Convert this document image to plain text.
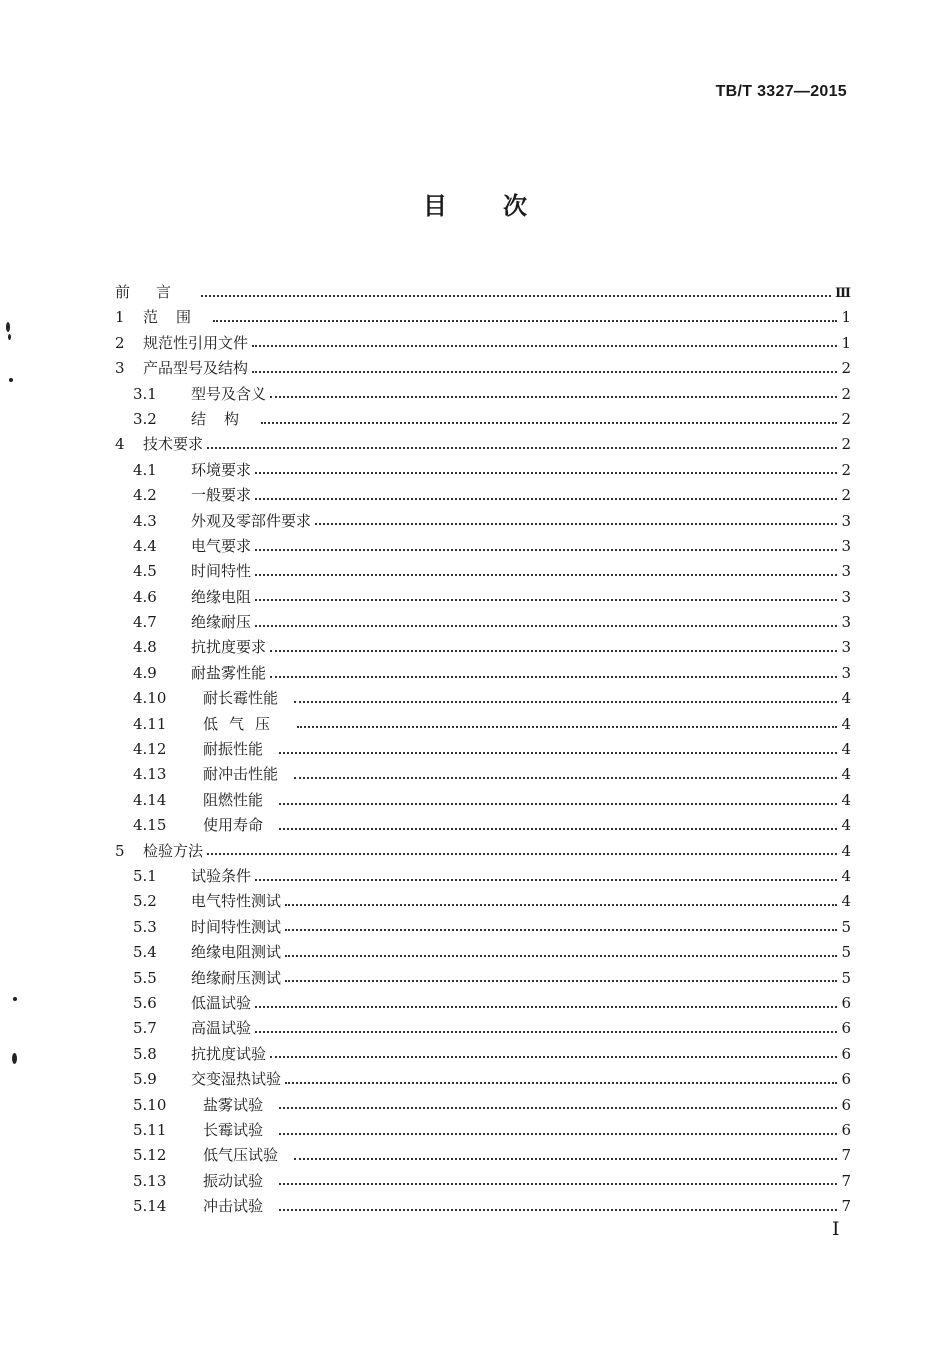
TB/T 3327—2015
目次
前言	Ⅲ
1 范围	1
2 规范性引用文件	1
3 产品型号及结构	2
3.1	型号及含义	2
3.2	结构	2
4 技术要求	2
4.1	环境要求	2
4.2	一般要求	2
4.3	外观及零部件要求	3
4.4	电气要求	3
4.5	时间特性	3
4.6	绝缘电阻	3
4.7	绝缘耐压	3
4.8	抗扰度要求	3
4.9	耐盐雾性能	3
4.10	耐长霉性能	4
4.11	低气压	4
4.12	耐振性能	4
4.13	耐冲击性能	4
4.14	阻燃性能	4
4.15	使用寿命	4
5 检验方法	4
5.1	试验条件	4
5.2	电气特性测试	4
5.3	时间特性测试	5
5.4	绝缘电阻测试	5
5.5	绝缘耐压测试	5
5.6	低温试验	6
5.7	高温试验	6
5.8	抗扰度试验	6
5.9	交变湿热试验	6
5.10	盐雾试验	6
5.11	长霉试验	6
5.12	低气压试验	7
5.13	振动试验	7
5.14	冲击试验	7
I
